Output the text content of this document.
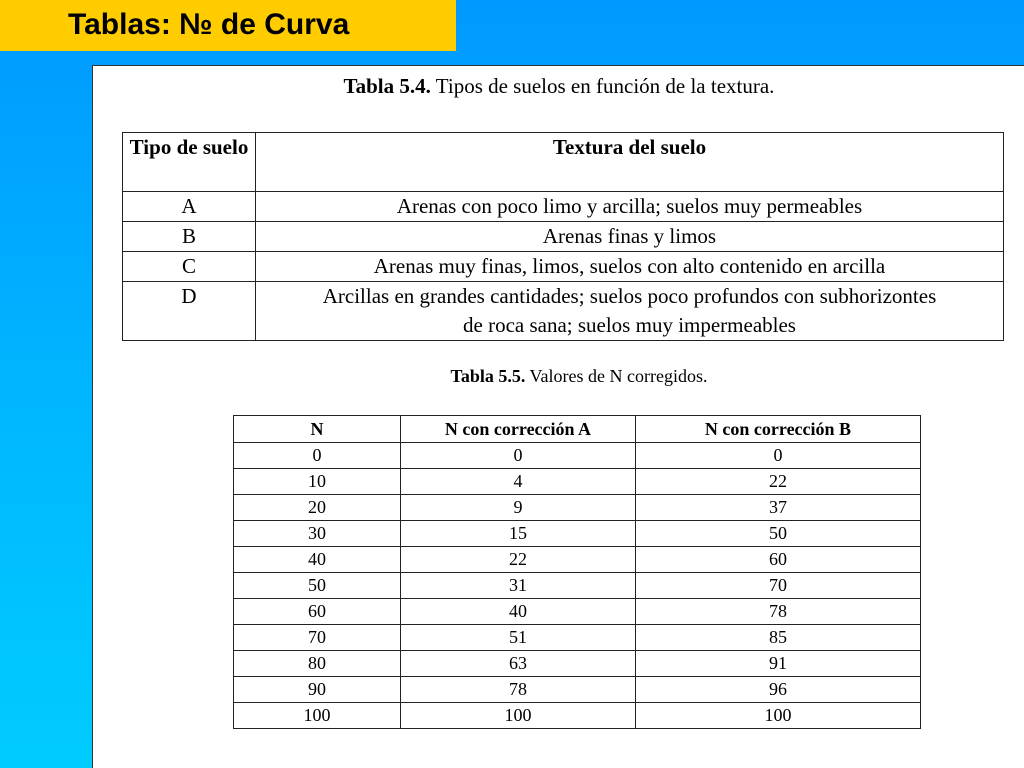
Tablas: № de Curva
Tabla 5.4. Tipos de suelos en función de la textura.
Tipo de suelo	Textura del suelo
A	Arenas con poco limo y arcilla; suelos muy permeables
B	Arenas finas y limos
C	Arenas muy finas, limos, suelos con alto contenido en arcilla
D	Arcillas en grandes cantidades; suelos poco profundos con subhorizontes de roca sana; suelos muy impermeables
Tabla 5.5. Valores de N corregidos.
N	N con corrección A	N con corrección B
0	0	0
10	4	22
20	9	37
30	15	50
40	22	60
50	31	70
60	40	78
70	51	85
80	63	91
90	78	96
100	100	100
